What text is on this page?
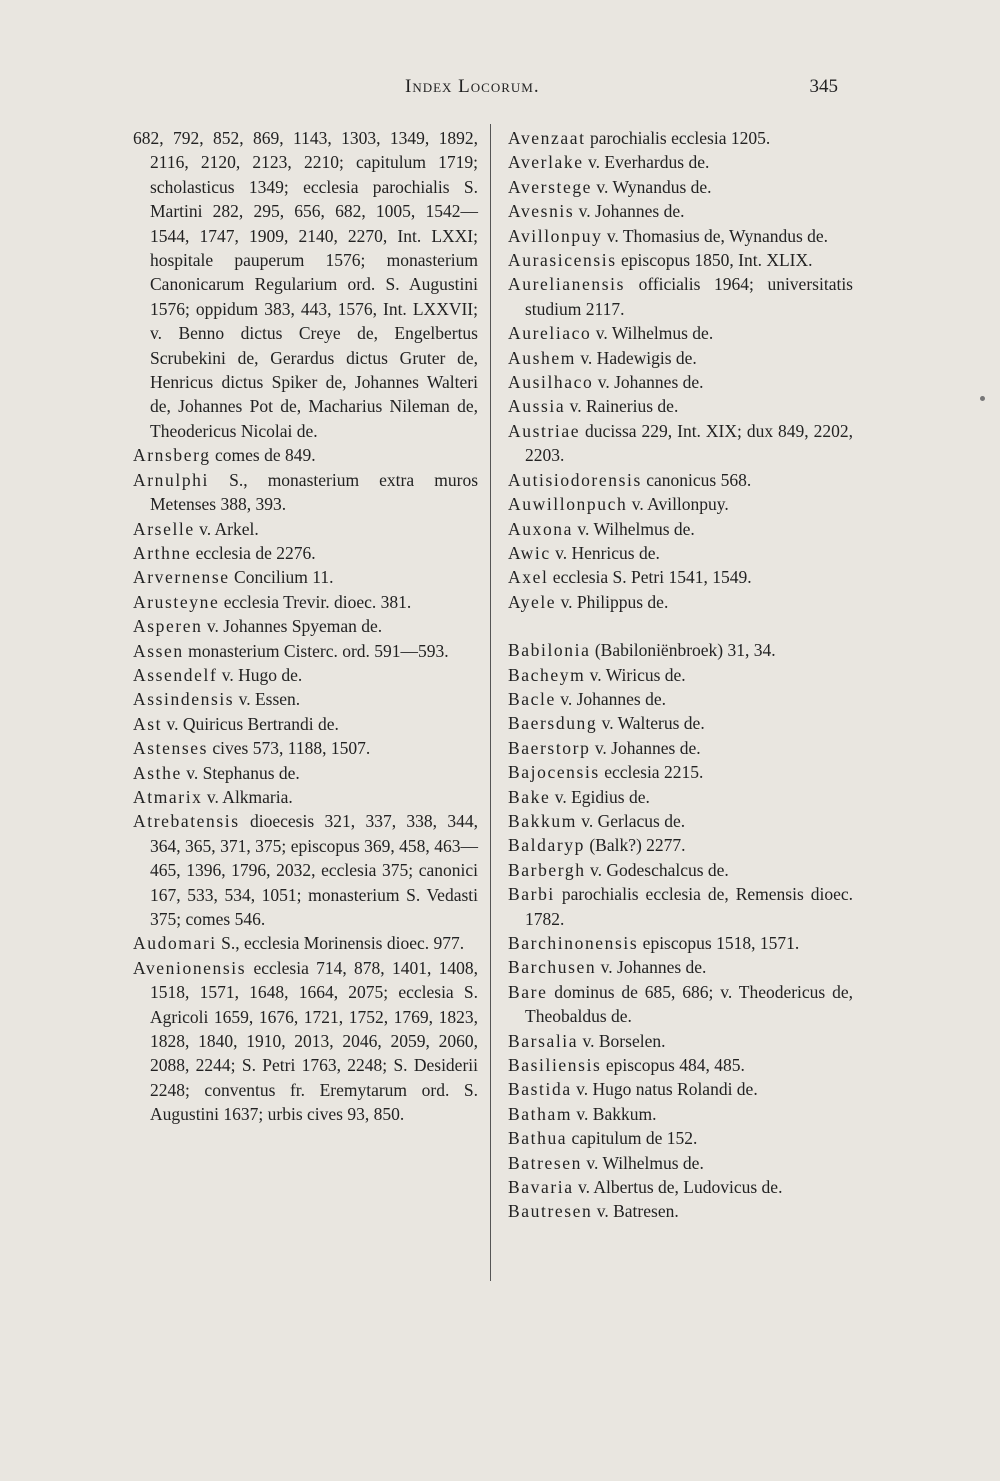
Index Locorum.	345

682, 792, 852, 869, 1143, 1303, 1349, 1892, 2116, 2120, 2123, 2210; capitulum 1719; scholasticus 1349; ecclesia parochialis S. Martini 282, 295, 656, 682, 1005, 1542—1544, 1747, 1909, 2140, 2270, Int. LXXI; hospitale pauperum 1576; monasterium Canonicarum Regularium ord. S. Augustini 1576; oppidum 383, 443, 1576, Int. LXXVII; v. Benno dictus Creye de, Engelbertus Scrubekini de, Gerardus dictus Gruter de, Henricus dictus Spiker de, Johannes Walteri de, Johannes Pot de, Macharius Nileman de, Theodericus Nicolai de.

Arnsberg comes de 849.

Arnulphi S., monasterium extra muros Metenses 388, 393.

Arselle v. Arkel.

Arthne ecclesia de 2276.

Arvernense Concilium 11.

Arusteyne ecclesia Trevir. dioec. 381.

Asperen v. Johannes Spyeman de.

Assen monasterium Cisterc. ord. 591—593.

Assendelf v. Hugo de.

Assindensis v. Essen.

Ast v. Quiricus Bertrandi de.

Astenses cives 573, 1188, 1507.

Asthe v. Stephanus de.

Atmarix v. Alkmaria.

Atrebatensis dioecesis 321, 337, 338, 344, 364, 365, 371, 375; episcopus 369, 458, 463—465, 1396, 1796, 2032, ecclesia 375; canonici 167, 533, 534, 1051; monasterium S. Vedasti 375; comes 546.

Audomari S., ecclesia Morinensis dioec. 977.

Avenionensis ecclesia 714, 878, 1401, 1408, 1518, 1571, 1648, 1664, 2075; ecclesia S. Agricoli 1659, 1676, 1721, 1752, 1769, 1823, 1828, 1840, 1910, 2013, 2046, 2059, 2060, 2088, 2244; S. Petri 1763, 2248; S. Desiderii 2248; conventus fr. Eremytarum ord. S. Augustini 1637; urbis cives 93, 850.

Avenzaat parochialis ecclesia 1205.

Averlake v. Everhardus de.

Averstege v. Wynandus de.

Avesnis v. Johannes de.

Avillonpuy v. Thomasius de, Wynandus de.

Aurasicensis episcopus 1850, Int. XLIX.

Aurelianensis officialis 1964; universitatis studium 2117.

Aureliaco v. Wilhelmus de.

Aushem v. Hadewigis de.

Ausilhaco v. Johannes de.

Aussia v. Rainerius de.

Austriae ducissa 229, Int. XIX; dux 849, 2202, 2203.

Autisiodorensis canonicus 568.

Auwillonpuch v. Avillonpuy.

Auxona v. Wilhelmus de.

Awic v. Henricus de.

Axel ecclesia S. Petri 1541, 1549.

Ayele v. Philippus de.

Babilonia (Babiloniënbroek) 31, 34.

Bacheym v. Wiricus de.

Bacle v. Johannes de.

Baersdung v. Walterus de.

Baerstorp v. Johannes de.

Bajocensis ecclesia 2215.

Bake v. Egidius de.

Bakkum v. Gerlacus de.

Baldaryp (Balk?) 2277.

Barbergh v. Godeschalcus de.

Barbi parochialis ecclesia de, Remensis dioec. 1782.

Barchinonensis episcopus 1518, 1571.

Barchusen v. Johannes de.

Bare dominus de 685, 686; v. Theodericus de, Theobaldus de.

Barsalia v. Borselen.

Basiliensis episcopus 484, 485.

Bastida v. Hugo natus Rolandi de.

Batham v. Bakkum.

Bathua capitulum de 152.

Batresen v. Wilhelmus de.

Bavaria v. Albertus de, Ludovicus de.

Bautresen v. Batresen.
